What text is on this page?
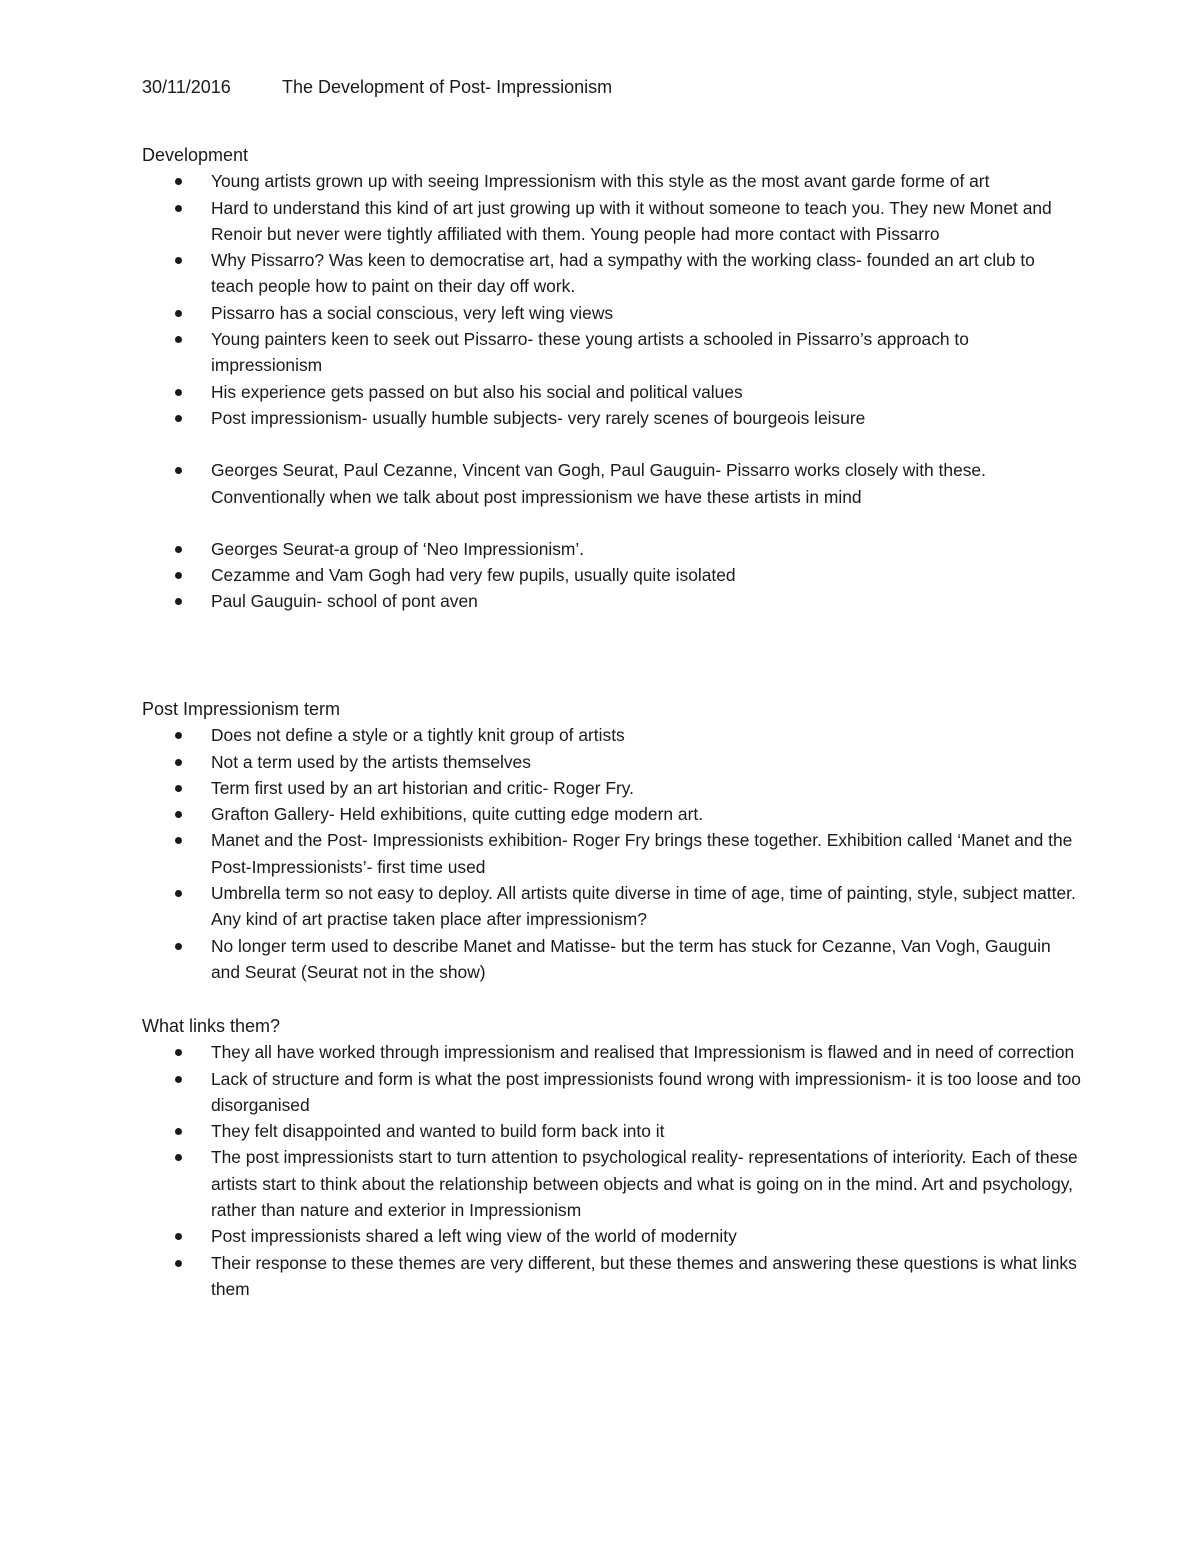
30/11/2016	The Development of Post- Impressionism
Development
Young artists grown up with seeing Impressionism with this style as the most avant garde forme of art
Hard to understand this kind of art just growing up with it without someone to teach you. They new Monet and Renoir but never were tightly affiliated with them. Young people had more contact with Pissarro
Why Pissarro? Was keen to democratise art, had a sympathy with the working class- founded an art club to teach people how to paint on their day off work.
Pissarro has a social conscious, very left wing views
Young painters keen to seek out Pissarro- these young artists a schooled in Pissarro’s approach to impressionism
His experience gets passed on but also his social and political values
Post impressionism- usually humble subjects- very rarely scenes of bourgeois leisure
Georges Seurat, Paul Cezanne, Vincent van Gogh, Paul Gauguin- Pissarro works closely with these. Conventionally when we talk about post impressionism we have these artists in mind
Georges Seurat-a group of ‘Neo Impressionism’.
Cezamme and Vam Gogh had very few pupils, usually quite isolated
Paul Gauguin- school of pont aven
Post Impressionism term
Does not define a style or a tightly knit group of artists
Not a term used by the artists themselves
Term first used by an art historian and critic- Roger Fry.
Grafton Gallery- Held exhibitions, quite cutting edge modern art.
Manet and the Post- Impressionists exhibition- Roger Fry brings these together. Exhibition called ‘Manet and the Post-Impressionists’- first time used
Umbrella term so not easy to deploy. All artists quite diverse in time of age, time of painting, style, subject matter. Any kind of art practise taken place after impressionism?
No longer term used to describe Manet and Matisse- but the term has stuck for Cezanne, Van Vogh, Gauguin and Seurat (Seurat not in the show)
What links them?
They all have worked through impressionism and realised that Impressionism is flawed and in need of correction
Lack of structure and form is what the post impressionists found wrong with impressionism- it is too loose and too disorganised
They felt disappointed and wanted to build form back into it
The post impressionists start to turn attention to psychological reality- representations of interiority. Each of these artists start to think about the relationship between objects and what is going on in the mind. Art and psychology, rather than nature and exterior in Impressionism
Post impressionists shared a left wing view of the world of modernity
Their response to these themes are very different, but these themes and answering these questions is what links them
